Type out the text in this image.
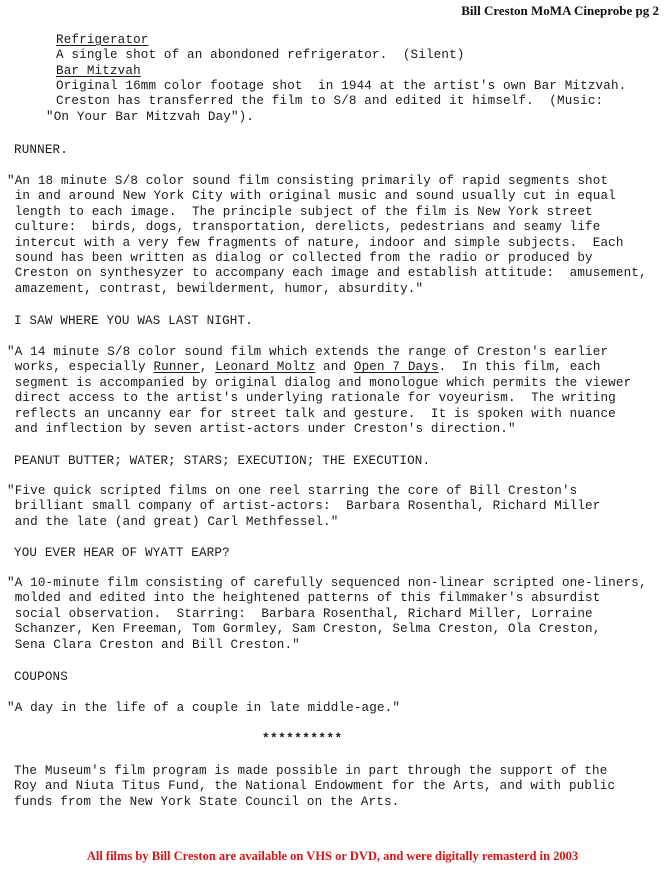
Bill Creston MoMA Cineprobe pg 2
Refrigerator
A single shot of an abondoned refrigerator.  (Silent)
Bar Mitzvah
Original 16mm color footage shot  in 1944 at the artist's own Bar Mitzvah.
Creston has transferred the film to S/8 and edited it himself.  (Music:
"On Your Bar Mitzvah Day").
RUNNER.
"An 18 minute S/8 color sound film consisting primarily of rapid segments shot
in and around New York City with original music and sound usually cut in equal
length to each image.  The principle subject of the film is New York street
culture:  birds, dogs, transportation, derelicts, pedestrians and seamy life
intercut with a very few fragments of nature, indoor and simple subjects.  Each
sound has been written as dialog or collected from the radio or produced by
Creston on synthesyzer to accompany each image and establish attitude:  amusement,
amazement, contrast, bewilderment, humor, absurdity."
I SAW WHERE YOU WAS LAST NIGHT.
"A 14 minute S/8 color sound film which extends the range of Creston's earlier
works, especially Runner, Leonard Moltz and Open 7 Days.  In this film, each
segment is accompanied by original dialog and monologue which permits the viewer
direct access to the artist's underlying rationale for voyeurism.  The writing
reflects an uncanny ear for street talk and gesture.  It is spoken with nuance
and inflection by seven artist-actors under Creston's direction."
PEANUT BUTTER; WATER; STARS; EXECUTION; THE EXECUTION.
"Five quick scripted films on one reel starring the core of Bill Creston's
brilliant small company of artist-actors:  Barbara Rosenthal, Richard Miller
and the late (and great) Carl Methfessel."
YOU EVER HEAR OF WYATT EARP?
"A 10-minute film consisting of carefully sequenced non-linear scripted one-liners,
molded and edited into the heightened patterns of this filmmaker's absurdist
social observation.  Starring:  Barbara Rosenthal, Richard Miller, Lorraine
Schanzer, Ken Freeman, Tom Gormley, Sam Creston, Selma Creston, Ola Creston,
Sena Clara Creston and Bill Creston."
COUPONS
"A day in the life of a couple in late middle-age."
**********
The Museum's film program is made possible in part through the support of the
Roy and Niuta Titus Fund, the National Endowment for the Arts, and with public
funds from the New York State Council on the Arts.
All films by Bill Creston are available on VHS or DVD, and were digitally remasterd in 2003
